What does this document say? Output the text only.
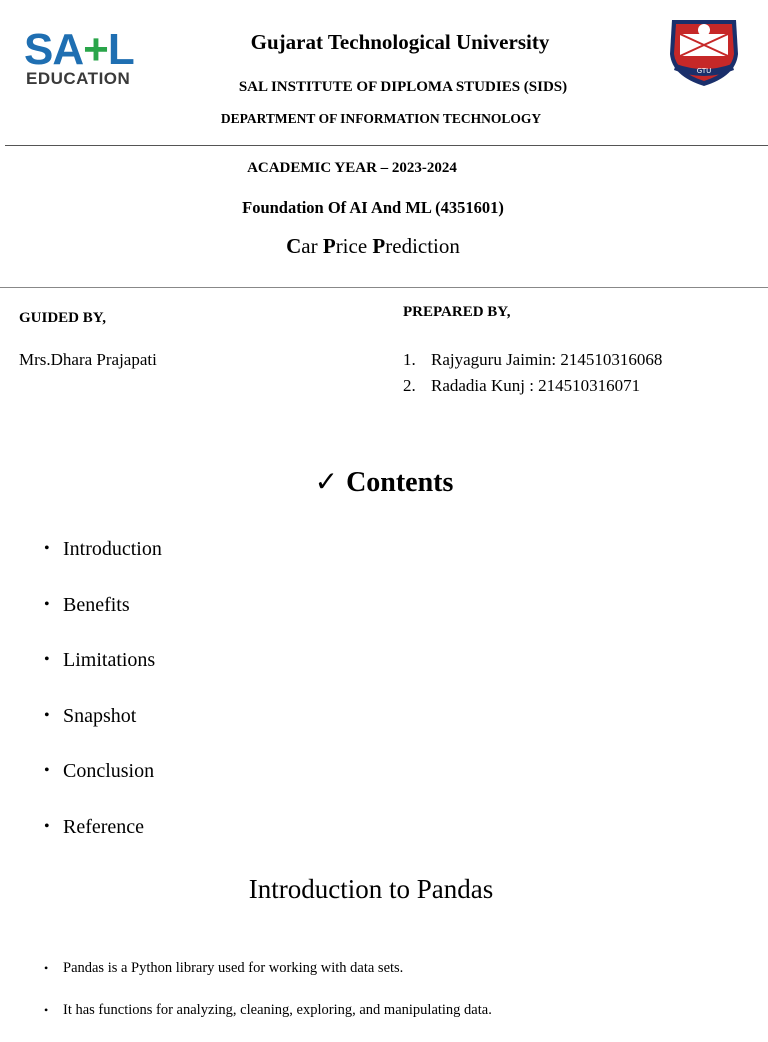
SA+L
EDUCATION	GTU
Gujarat Technological University
SAL INSTITUTE OF DIPLOMA STUDIES (SIDS)
DEPARTMENT OF INFORMATION TECHNOLOGY
ACADEMIC YEAR – 2023-2024
Foundation Of AI And ML (4351601)
Car Price Prediction
GUIDED BY,
Mrs.Dhara Prajapati
PREPARED BY,
1. Rajyaguru Jaimin: 214510316068
2. Radadia Kunj : 214510316071
✓ Contents
• Introduction
• Benefits
• Limitations
• Snapshot
• Conclusion
• Reference
Introduction to Pandas
•	Pandas is a Python library used for working with data sets.
•	It has functions for analyzing, cleaning, exploring, and manipulating data.
